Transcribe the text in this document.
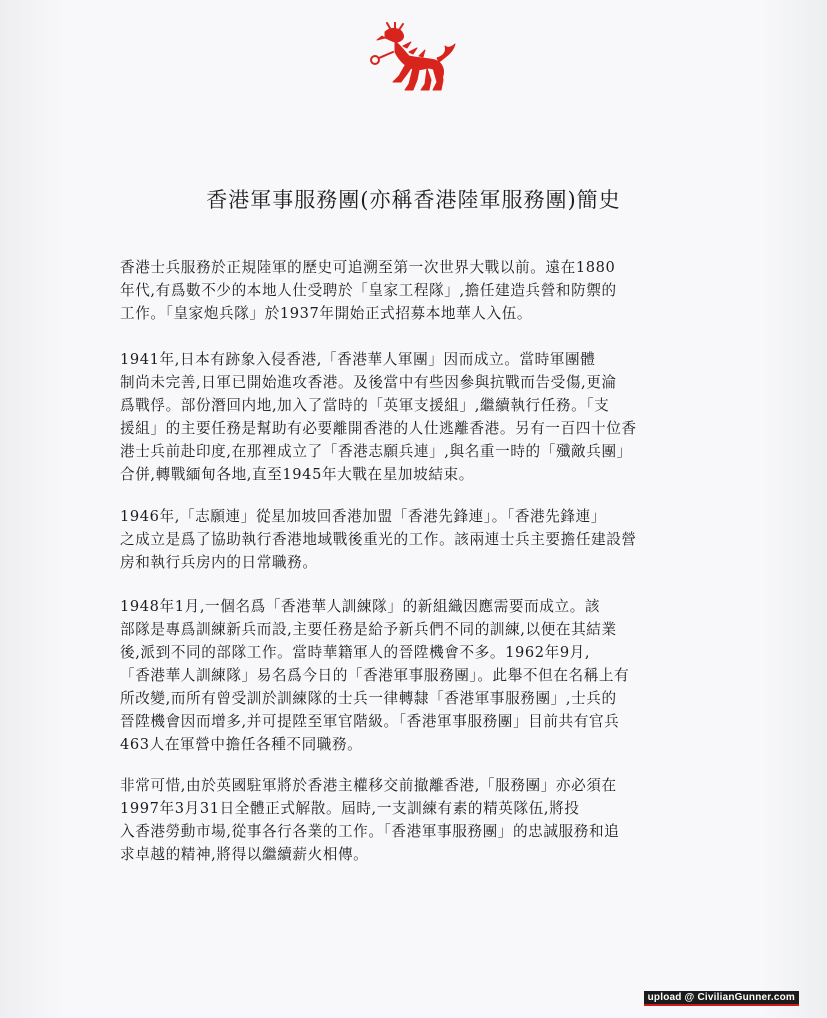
香港軍事服務團(亦稱香港陸軍服務團)簡史
香港士兵服務於正規陸軍的歷史可追溯至第一次世界大戰以前。遠在1880
年代,有爲數不少的本地人仕受聘於「皇家工程隊」,擔任建造兵營和防禦的
工作。「皇家炮兵隊」於1937年開始正式招募本地華人入伍。
1941年,日本有跡象入侵香港,「香港華人軍團」因而成立。當時軍團體
制尚未完善,日軍已開始進攻香港。及後當中有些因參與抗戰而告受傷,更淪
爲戰俘。部份潛回内地,加入了當時的「英軍支援組」,繼續執行任務。「支
援組」的主要任務是幫助有必要離開香港的人仕逃離香港。另有一百四十位香
港士兵前赴印度,在那裡成立了「香港志願兵連」,與名重一時的「殲敵兵團」
合併,轉戰緬甸各地,直至1945年大戰在星加坡結束。
1946年,「志願連」從星加坡回香港加盟「香港先鋒連」。「香港先鋒連」
之成立是爲了協助執行香港地域戰後重光的工作。該兩連士兵主要擔任建設營
房和執行兵房内的日常職務。
1948年1月,一個名爲「香港華人訓練隊」的新組織因應需要而成立。該
部隊是專爲訓練新兵而設,主要任務是給予新兵們不同的訓練,以便在其結業
後,派到不同的部隊工作。當時華籍軍人的晉陞機會不多。1962年9月,
「香港華人訓練隊」易名爲今日的「香港軍事服務團」。此舉不但在名稱上有
所改變,而所有曾受訓於訓練隊的士兵一律轉隸「香港軍事服務團」,士兵的
晉陞機會因而增多,并可提陞至軍官階級。「香港軍事服務團」目前共有官兵
463人在軍營中擔任各種不同職務。
非常可惜,由於英國駐軍將於香港主權移交前撤離香港,「服務團」亦必須在
1997年3月31日全體正式解散。屆時,一支訓練有素的精英隊伍,將投
入香港勞動市場,從事各行各業的工作。「香港軍事服務團」的忠誠服務和追
求卓越的精神,將得以繼續薪火相傳。
upload @ CivilianGunner.com
